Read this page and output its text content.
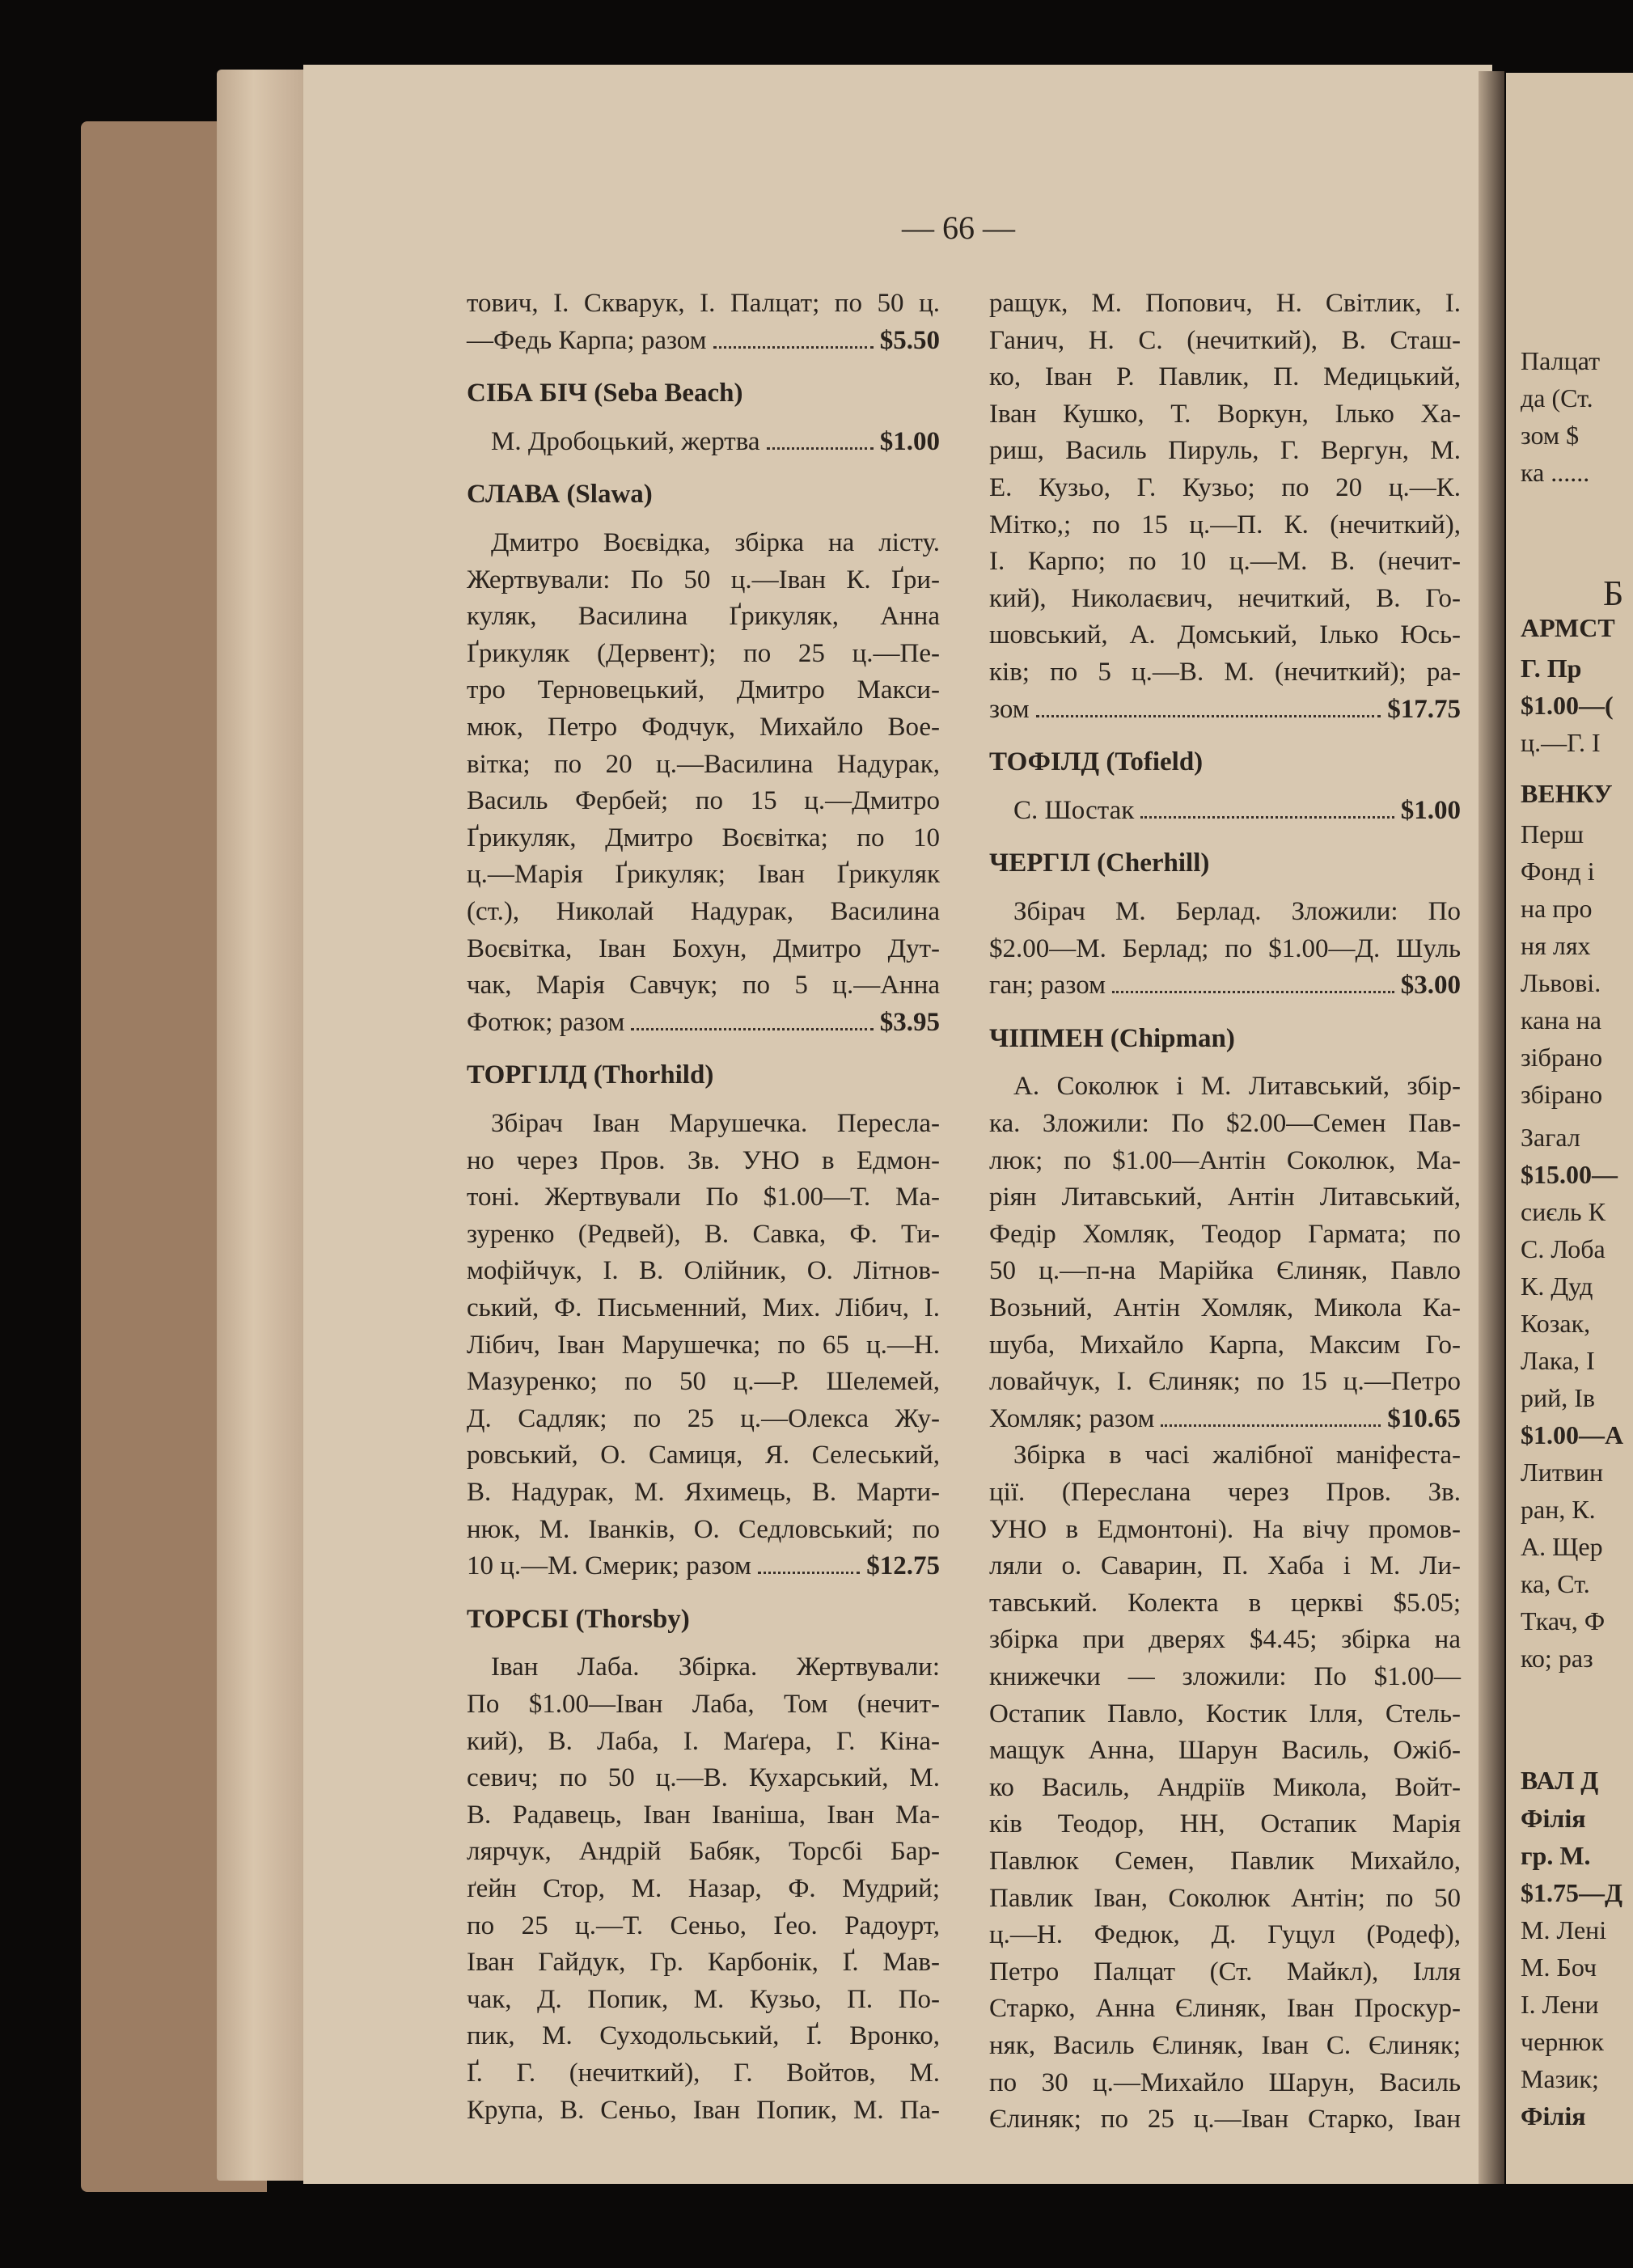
Палцат
да (Ст.
зом $
ка ......
Б
АРМСТ
Г. Пр
$1.00—(
ц.—Г. І
ВЕНКУ
Перш
Фонд і
на про
ня лях
Львові.
кана на
зібрано
збірано
Загал
$15.00—
сиєль К
С. Лоба
К. Дуд
Козак,
Лака, І
рий, Ів
$1.00—А
Литвин
ран, К.
А. Щер
ка, Ст.
Ткач, Ф
ко; раз
ВАЛ Д
Філія
гр. М.
$1.75—Д
М. Лені
М. Боч
І. Лени
чернюк
Мазик;
Філія
— 66 —
тович, І. Скварук, І. Палцат; по 50 ц.
—Федь Карпа; разом	$5.50
СІБА БІЧ (Seba Beach)
М. Дробоцький, жертва	$1.00
СЛАВА (Slawa)
Дмитро Воєвідка, збірка на лісту.
Жертвували: По 50 ц.—Іван К. Ґри-
куляк, Василина Ґрикуляк, Анна
Ґрикуляк (Дервент); по 25 ц.—Пе-
тро Терновецький, Дмитро Макси-
мюк, Петро Фодчук, Михайло Вое-
вітка; по 20 ц.—Василина Надурак,
Василь Фербей; по 15 ц.—Дмитро
Ґрикуляк, Дмитро Воєвітка; по 10
ц.—Марія Ґрикуляк; Іван Ґрикуляк
(ст.), Николай Надурак, Василина
Воєвітка, Іван Бохун, Дмитро Дут-
чак, Марія Савчук; по 5 ц.—Анна
Фотюк; разом	$3.95
ТОРГІЛД (Thorhild)
Збірач Іван Марушечка. Пересла-
но через Пров. Зв. УНО в Едмон-
тоні. Жертвували По $1.00—Т. Ма-
зуренко (Редвей), В. Савка, Ф. Ти-
мофійчук, І. В. Олійник, О. Літнов-
ський, Ф. Письменний, Мих. Лібич, І.
Лібич, Іван Марушечка; по 65 ц.—Н.
Мазуренко; по 50 ц.—Р. Шелемей,
Д. Садляк; по 25 ц.—Олекса Жу-
ровський, О. Самиця, Я. Селеський,
В. Надурак, М. Яхимець, В. Марти-
нюк, М. Іванків, О. Седловський; по
10 ц.—М. Смерик; разом	$12.75
ТОРСБІ (Thorsby)
Іван Лаба. Збірка. Жертвували:
По $1.00—Іван Лаба, Том (нечит-
кий), В. Лаба, І. Маґера, Г. Кіна-
севич; по 50 ц.—В. Кухарський, М.
В. Радавець, Іван Іваніша, Іван Ма-
лярчук, Андрій Бабяк, Торсбі Бар-
ґейн Стор, М. Назар, Ф. Мудрий;
по 25 ц.—Т. Сеньо, Ґео. Радоурт,
Іван Гайдук, Гр. Карбонік, Ґ. Мав-
чак, Д. Попик, М. Кузьо, П. По-
пик, М. Суходольський, Ґ. Вронко,
Ґ. Г. (нечиткий), Г. Войтов, М.
Крупа, В. Сеньо, Іван Попик, М. Па-
ращук, М. Попович, Н. Світлик, І.
Ганич, Н. С. (нечиткий), В. Сташ-
ко, Іван Р. Павлик, П. Медицький,
Іван Кушко, Т. Воркун, Ілько Ха-
риш, Василь Пируль, Г. Вергун, М.
Е. Кузьо, Г. Кузьо; по 20 ц.—К.
Мітко,; по 15 ц.—П. К. (нечиткий),
І. Карпо; по 10 ц.—М. В. (нечит-
кий), Николаєвич, нечиткий, В. Го-
шовський, А. Домський, Ілько Юсь-
ків; по 5 ц.—В. М. (нечиткий); ра-
зом	$17.75
ТОФІЛД (Tofield)
С. Шостак	$1.00
ЧЕРГІЛ (Cherhill)
Збірач М. Берлад. Зложили: По
$2.00—М. Берлад; по $1.00—Д. Шуль
ган; разом	$3.00
ЧІПМЕН (Chipman)
А. Соколюк і М. Литавський, збір-
ка. Зложили: По $2.00—Семен Пав-
люк; по $1.00—Антін Соколюк, Ма-
ріян Литавський, Антін Литавський,
Федір Хомляк, Теодор Гармата; по
50 ц.—п-на Марійка Єлиняк, Павло
Возьний, Антін Хомляк, Микола Ка-
шуба, Михайло Карпа, Максим Го-
ловайчук, І. Єлиняк; по 15 ц.—Петро
Хомляк; разом	$10.65
Збірка в часі жалібної маніфеста-
ції. (Переслана через Пров. Зв.
УНО в Едмонтоні). На вічу промов-
ляли о. Саварин, П. Хаба і М. Ли-
тавський. Колекта в церкві $5.05;
збірка при дверях $4.45; збірка на
книжечки — зложили: По $1.00—
Остапик Павло, Костик Ілля, Стель-
мащук Анна, Шарун Василь, Ожіб-
ко Василь, Андріїв Микола, Войт-
ків Теодор, НН, Остапик Марія
Павлюк Семен, Павлик Михайло,
Павлик Іван, Соколюк Антін; по 50
ц.—Н. Федюк, Д. Гуцул (Родеф),
Петро Палцат (Ст. Майкл), Ілля
Старко, Анна Єлиняк, Іван Проскур-
няк, Василь Єлиняк, Іван С. Єлиняк;
по 30 ц.—Михайло Шарун, Василь
Єлиняк; по 25 ц.—Іван Старко, Іван
